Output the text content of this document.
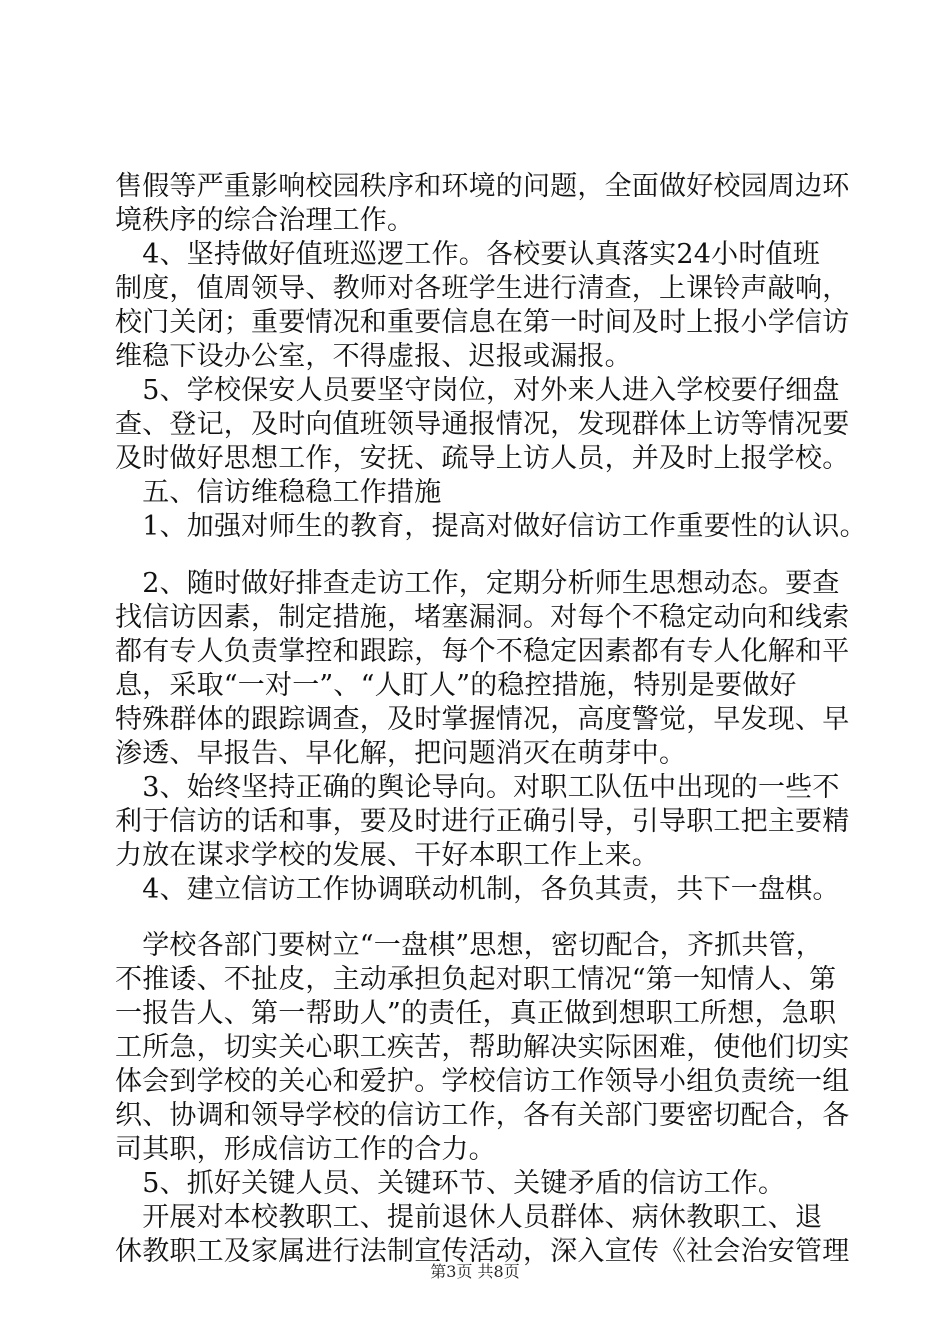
售假等严重影响校园秩序和环境的问题，全面做好校园周边环
境秩序的综合治理工作。
　4、坚持做好值班巡逻工作。各校要认真落实24小时值班
制度，值周领导、教师对各班学生进行清查，上课铃声敲响，
校门关闭；重要情况和重要信息在第一时间及时上报小学信访
维稳下设办公室，不得虚报、迟报或漏报。
　5、学校保安人员要坚守岗位，对外来人进入学校要仔细盘
查、登记，及时向值班领导通报情况，发现群体上访等情况要
及时做好思想工作，安抚、疏导上访人员，并及时上报学校。
　五、信访维稳稳工作措施
　1、加强对师生的教育，提高对做好信访工作重要性的认识。
　2、随时做好排查走访工作，定期分析师生思想动态。要查
找信访因素，制定措施，堵塞漏洞。对每个不稳定动向和线索
都有专人负责掌控和跟踪，每个不稳定因素都有专人化解和平
息，采取“一对一”、“人盯人”的稳控措施，特别是要做好
特殊群体的跟踪调查，及时掌握情况，高度警觉，早发现、早
渗透、早报告、早化解，把问题消灭在萌芽中。
　3、始终坚持正确的舆论导向。对职工队伍中出现的一些不
利于信访的话和事，要及时进行正确引导，引导职工把主要精
力放在谋求学校的发展、干好本职工作上来。
　4、建立信访工作协调联动机制，各负其责，共下一盘棋。
　学校各部门要树立“一盘棋”思想，密切配合，齐抓共管，
不推诿、不扯皮，主动承担负起对职工情况“第一知情人、第
一报告人、第一帮助人”的责任，真正做到想职工所想，急职
工所急，切实关心职工疾苦，帮助解决实际困难，使他们切实
体会到学校的关心和爱护。学校信访工作领导小组负责统一组
织、协调和领导学校的信访工作，各有关部门要密切配合，各
司其职，形成信访工作的合力。
　5、抓好关键人员、关键环节、关键矛盾的信访工作。
　开展对本校教职工、提前退休人员群体、病休教职工、退
休教职工及家属进行法制宣传活动，深入宣传《社会治安管理
第3页 共8页
